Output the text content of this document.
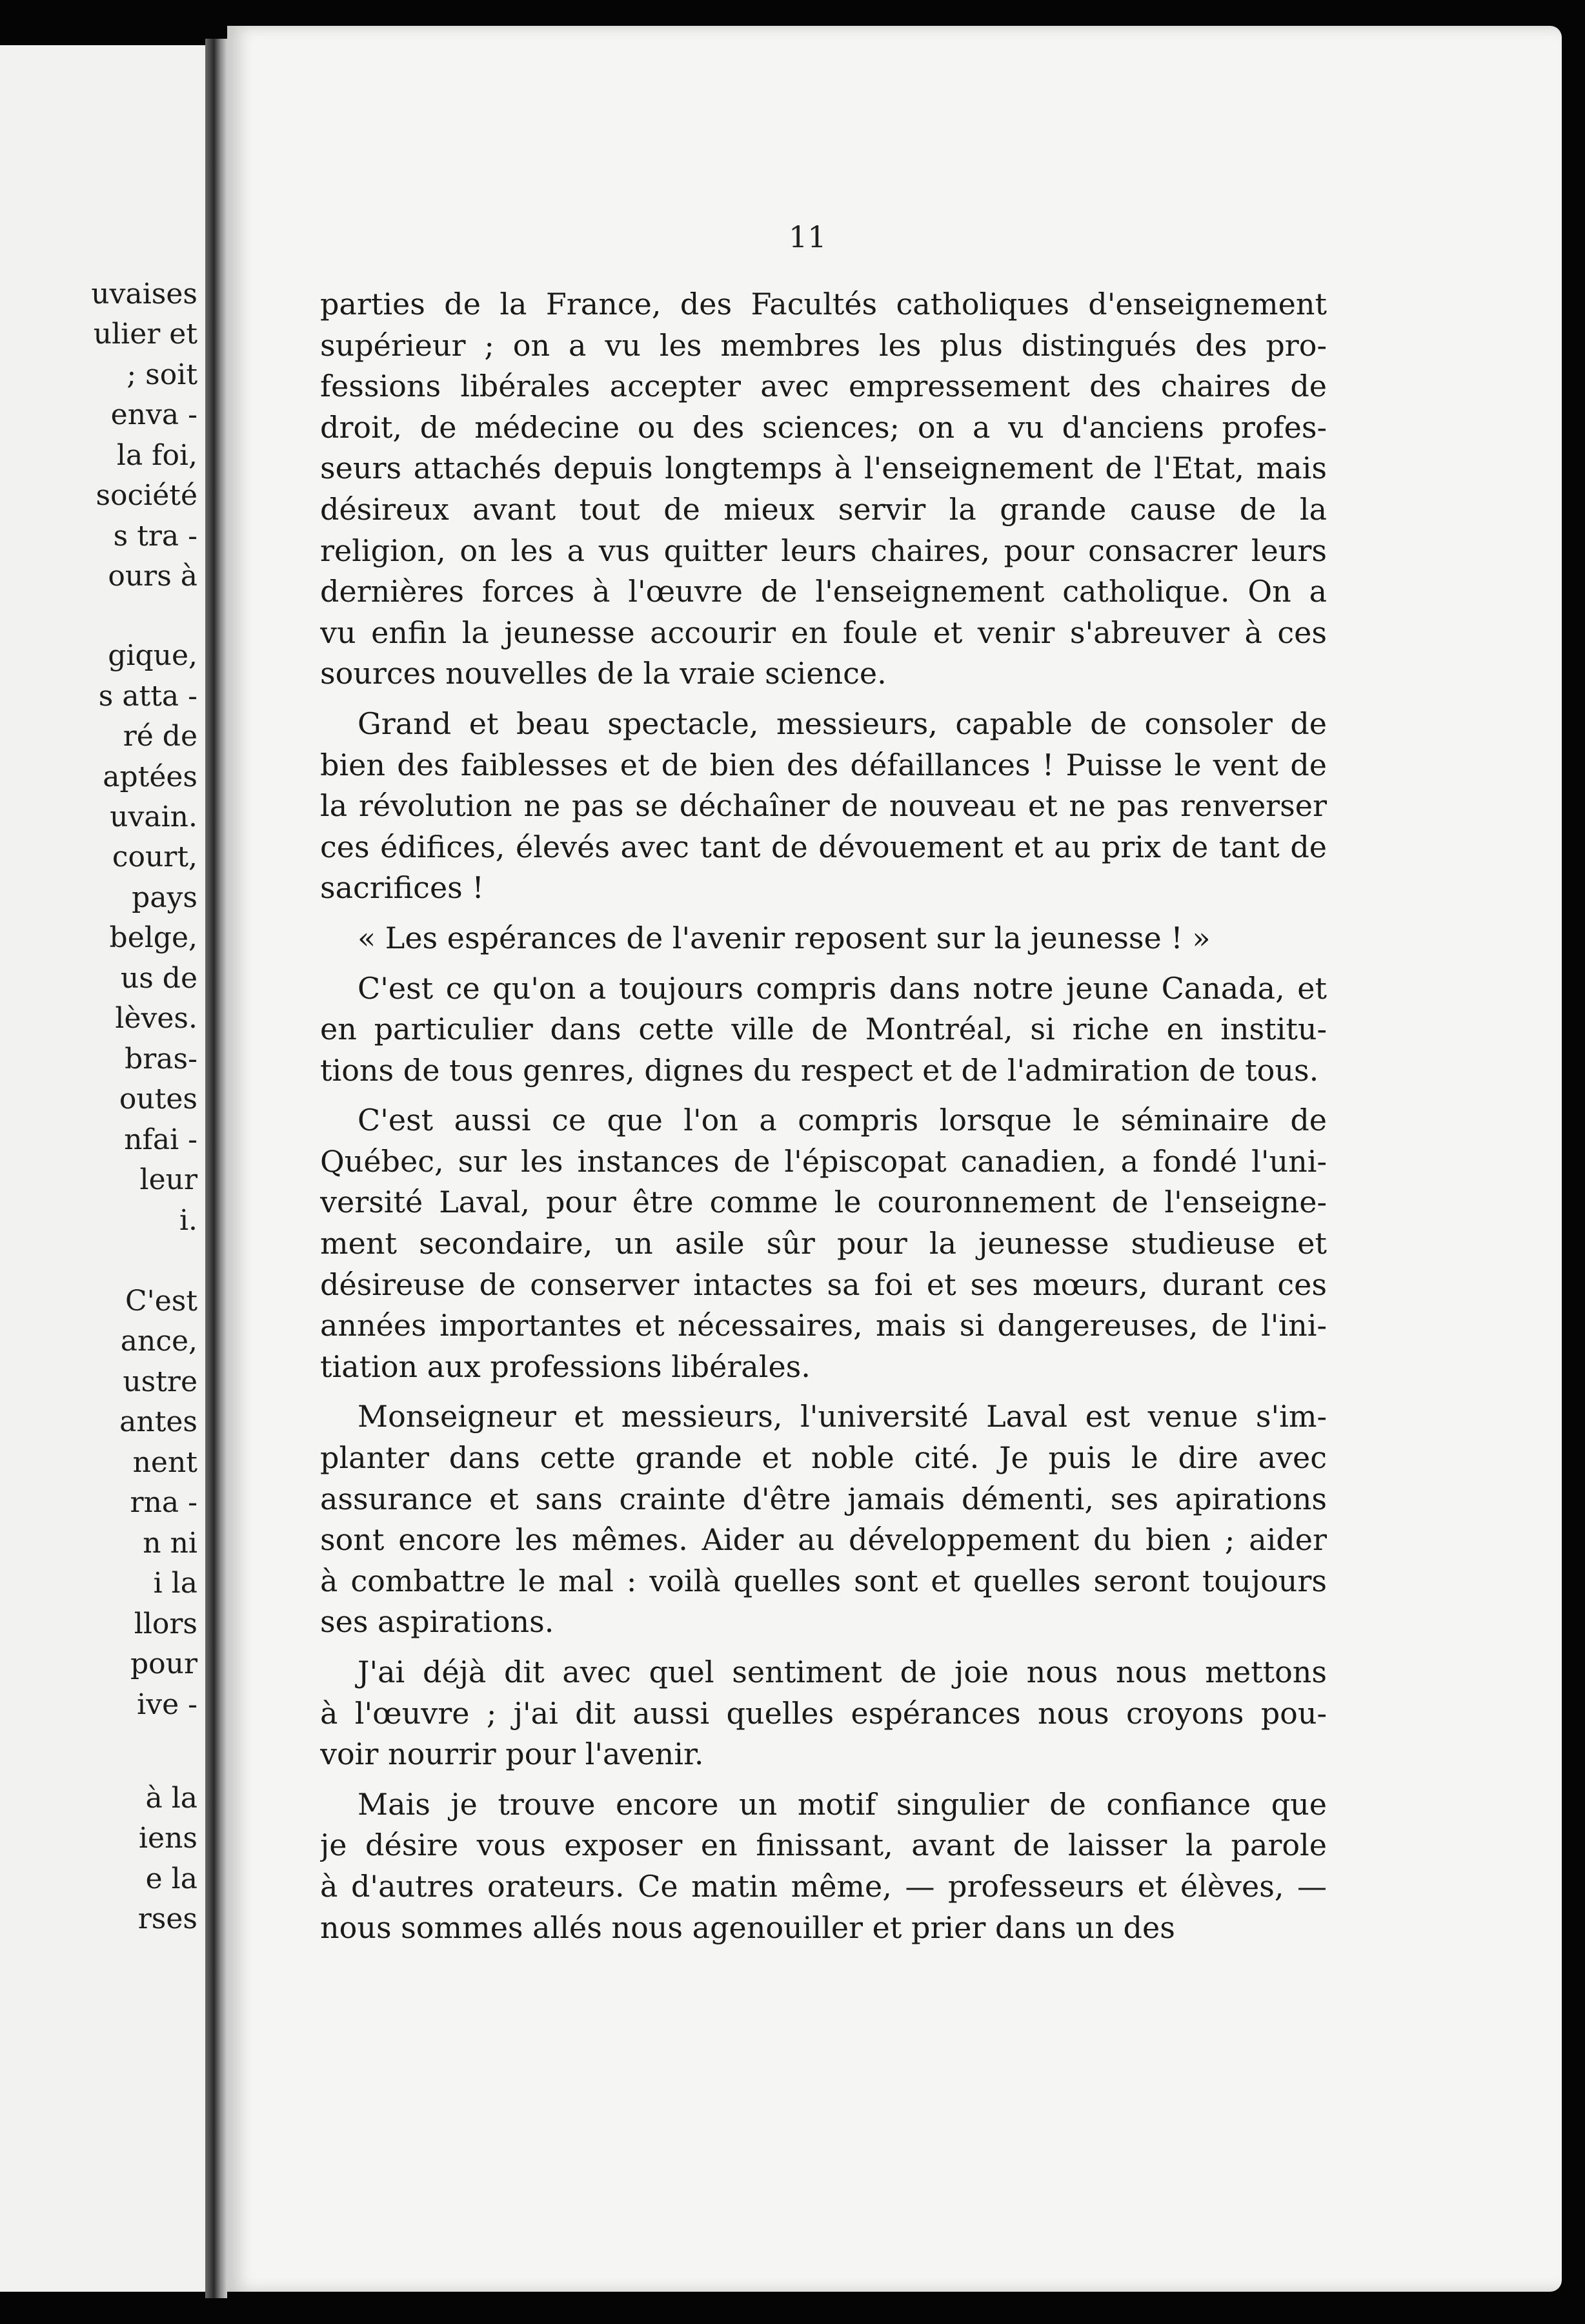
uvaises
ulier et
; soit
enva -
la foi,
société
s tra -
ours à
gique,
s atta -
ré de
aptées
uvain.
court,
pays
belge,
us de
lèves.
bras-
outes
nfai -
leur
i.
C'est
ance,
ustre
antes
nent
rna -
n ni
i la
llors
pour
ive -
à la
iens
e la
rses
11
parties de la France, des Facultés catholiques d'enseignement
supérieur ; on a vu les membres les plus distingués des pro-
fessions libérales accepter avec empressement des chaires de
droit, de médecine ou des sciences; on a vu d'anciens profes-
seurs attachés depuis longtemps à l'enseignement de l'Etat, mais
désireux avant tout de mieux servir la grande cause de la
religion, on les a vus quitter leurs chaires, pour consacrer leurs
dernières forces à l'œuvre de l'enseignement catholique. On a
vu enfin la jeunesse accourir en foule et venir s'abreuver à ces
sources nouvelles de la vraie science.
Grand et beau spectacle, messieurs, capable de consoler de
bien des faiblesses et de bien des défaillances ! Puisse le vent de
la révolution ne pas se déchaîner de nouveau et ne pas renverser
ces édifices, élevés avec tant de dévouement et au prix de tant de
sacrifices !
« Les espérances de l'avenir reposent sur la jeunesse ! »
C'est ce qu'on a toujours compris dans notre jeune Canada, et
en particulier dans cette ville de Montréal, si riche en institu-
tions de tous genres, dignes du respect et de l'admiration de tous.
C'est aussi ce que l'on a compris lorsque le séminaire de
Québec, sur les instances de l'épiscopat canadien, a fondé l'uni-
versité Laval, pour être comme le couronnement de l'enseigne-
ment secondaire, un asile sûr pour la jeunesse studieuse et
désireuse de conserver intactes sa foi et ses mœurs, durant ces
années importantes et nécessaires, mais si dangereuses, de l'ini-
tiation aux professions libérales.
Monseigneur et messieurs, l'université Laval est venue s'im-
planter dans cette grande et noble cité. Je puis le dire avec
assurance et sans crainte d'être jamais démenti, ses apirations
sont encore les mêmes. Aider au développement du bien ; aider
à combattre le mal : voilà quelles sont et quelles seront toujours
ses aspirations.
J'ai déjà dit avec quel sentiment de joie nous nous mettons
à l'œuvre ; j'ai dit aussi quelles espérances nous croyons pou-
voir nourrir pour l'avenir.
Mais je trouve encore un motif singulier de confiance que
je désire vous exposer en finissant, avant de laisser la parole
à d'autres orateurs. Ce matin même, — professeurs et élèves, —
nous sommes allés nous agenouiller et prier dans un des
